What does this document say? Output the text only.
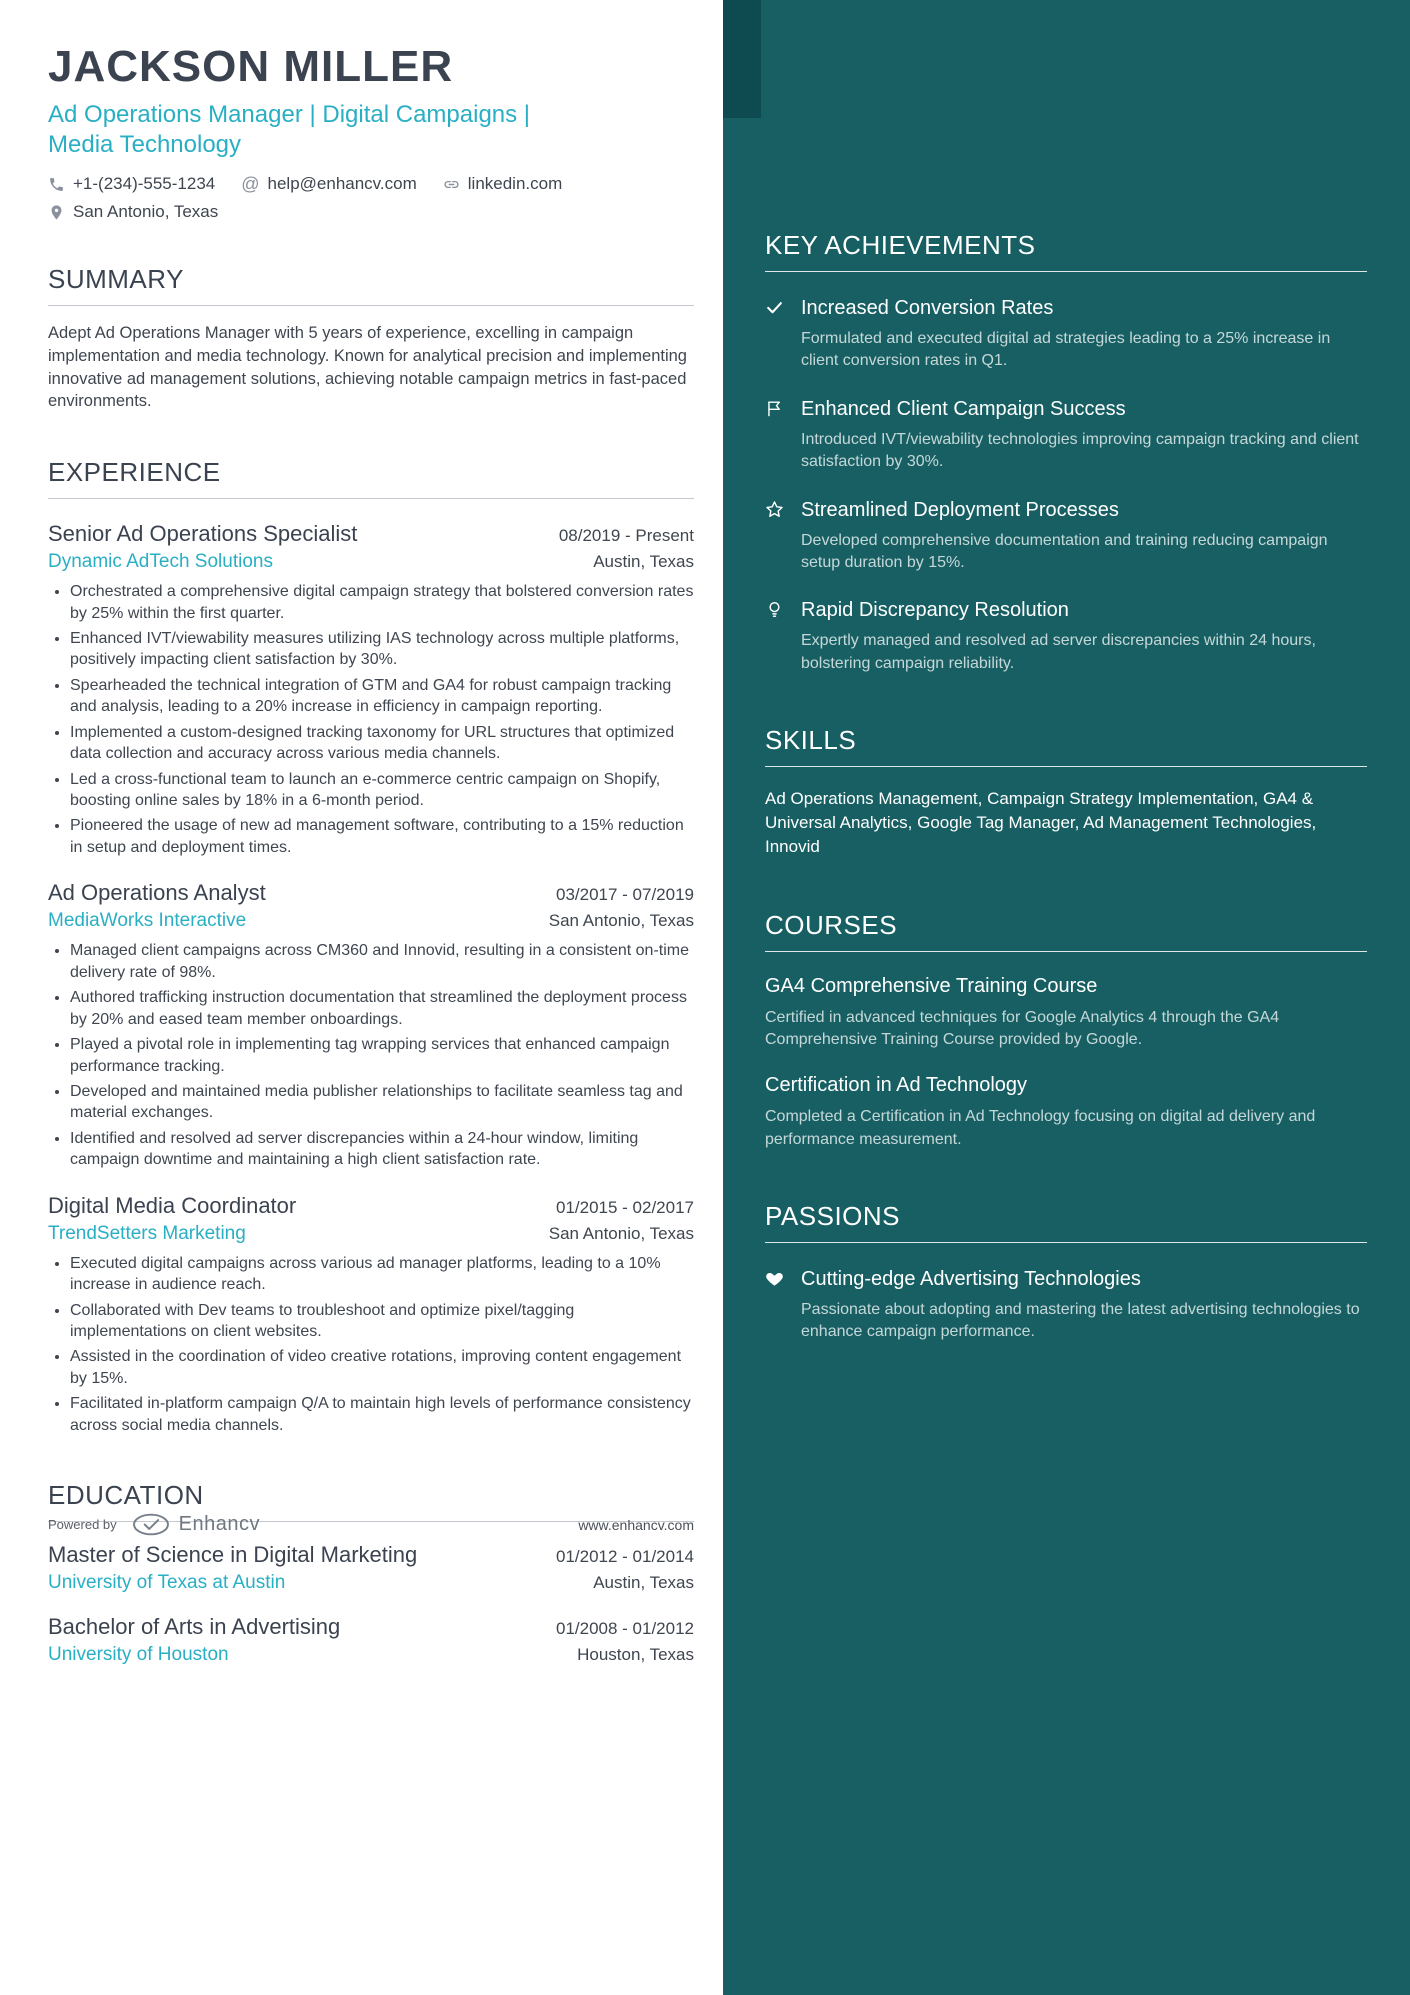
JACKSON MILLER
Ad Operations Manager | Digital Campaigns | Media Technology
+1-(234)-555-1234 @ help@enhancv.com	linkedin.com
San Antonio, Texas
SUMMARY
Adept Ad Operations Manager with 5 years of experience, excelling in campaign implementation and media technology. Known for analytical precision and implementing innovative ad management solutions, achieving notable campaign metrics in fast-paced environments.
EXPERIENCE
Senior Ad Operations Specialist	08/2019 - Present
Dynamic AdTech Solutions	Austin, Texas
• Orchestrated a comprehensive digital campaign strategy that bolstered conversion rates by 25% within the first quarter.
• Enhanced IVT/viewability measures utilizing IAS technology across multiple platforms, positively impacting client satisfaction by 30%.
• Spearheaded the technical integration of GTM and GA4 for robust campaign tracking and analysis, leading to a 20% increase in efficiency in campaign reporting.
• Implemented a custom-designed tracking taxonomy for URL structures that optimized data collection and accuracy across various media channels.
• Led a cross-functional team to launch an e-commerce centric campaign on Shopify, boosting online sales by 18% in a 6-month period.
• Pioneered the usage of new ad management software, contributing to a 15% reduction in setup and deployment times.
Ad Operations Analyst	03/2017 - 07/2019
MediaWorks Interactive	San Antonio, Texas
• Managed client campaigns across CM360 and Innovid, resulting in a consistent on-time delivery rate of 98%.
• Authored trafficking instruction documentation that streamlined the deployment process by 20% and eased team member onboardings.
• Played a pivotal role in implementing tag wrapping services that enhanced campaign performance tracking.
• Developed and maintained media publisher relationships to facilitate seamless tag and material exchanges.
• Identified and resolved ad server discrepancies within a 24-hour window, limiting campaign downtime and maintaining a high client satisfaction rate.
Digital Media Coordinator	01/2015 - 02/2017
TrendSetters Marketing	San Antonio, Texas
• Executed digital campaigns across various ad manager platforms, leading to a 10% increase in audience reach.
• Collaborated with Dev teams to troubleshoot and optimize pixel/tagging implementations on client websites.
• Assisted in the coordination of video creative rotations, improving content engagement by 15%.
• Facilitated in-platform campaign Q/A to maintain high levels of performance consistency across social media channels.
EDUCATION
Master of Science in Digital Marketing	01/2012 - 01/2014
University of Texas at Austin	Austin, Texas
Bachelor of Arts in Advertising	01/2008 - 01/2012
University of Houston	Houston, Texas
KEY ACHIEVEMENTS
Increased Conversion Rates
Formulated and executed digital ad strategies leading to a 25% increase in client conversion rates in Q1.
Enhanced Client Campaign Success
Introduced IVT/viewability technologies improving campaign tracking and client satisfaction by 30%.
Streamlined Deployment Processes
Developed comprehensive documentation and training reducing campaign setup duration by 15%.
Rapid Discrepancy Resolution
Expertly managed and resolved ad server discrepancies within 24 hours, bolstering campaign reliability.
SKILLS
Ad Operations Management, Campaign Strategy Implementation, GA4 & Universal Analytics, Google Tag Manager, Ad Management Technologies, Innovid
COURSES
GA4 Comprehensive Training Course
Certified in advanced techniques for Google Analytics 4 through the GA4 Comprehensive Training Course provided by Google.
Certification in Ad Technology
Completed a Certification in Ad Technology focusing on digital ad delivery and performance measurement.
PASSIONS
Cutting-edge Advertising Technologies
Passionate about adopting and mastering the latest advertising technologies to enhance campaign performance.
Powered by	Enhancv	www.enhancv.com
